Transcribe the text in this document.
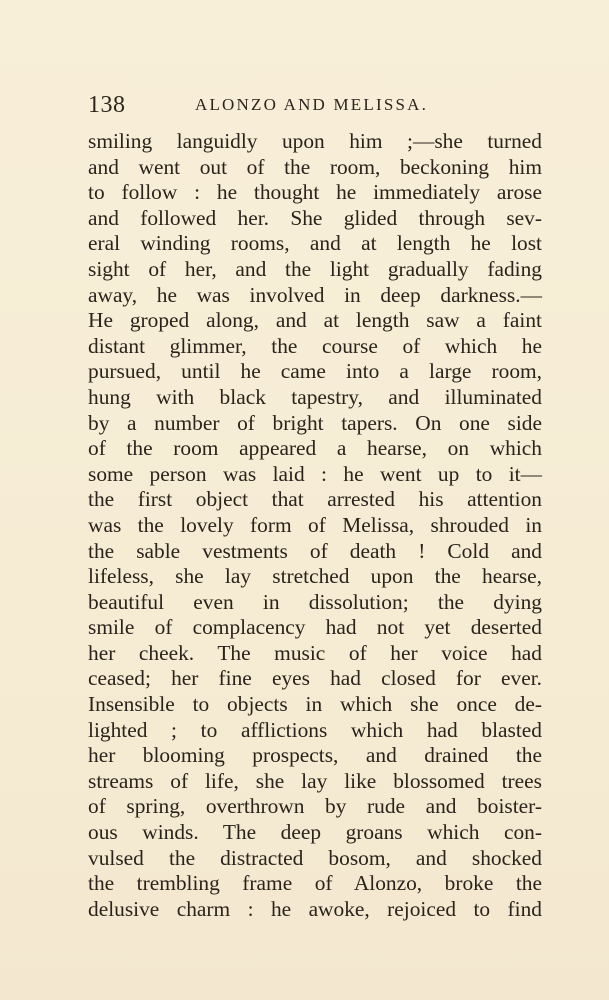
138	ALONZO AND MELISSA.
smiling languidly upon him ;—she turned
and went out of the room, beckoning him
to follow : he thought he immediately arose
and followed her. She glided through sev-
eral winding rooms, and at length he lost
sight of her, and the light gradually fading
away, he was involved in deep darkness.—
He groped along, and at length saw a faint
distant glimmer, the course of which he
pursued, until he came into a large room,
hung with black tapestry, and illuminated
by a number of bright tapers. On one side
of the room appeared a hearse, on which
some person was laid : he went up to it—
the first object that arrested his attention
was the lovely form of Melissa, shrouded in
the sable vestments of death ! Cold and
lifeless, she lay stretched upon the hearse,
beautiful even in dissolution; the dying
smile of complacency had not yet deserted
her cheek. The music of her voice had
ceased; her fine eyes had closed for ever.
Insensible to objects in which she once de-
lighted ; to afflictions which had blasted
her blooming prospects, and drained the
streams of life, she lay like blossomed trees
of spring, overthrown by rude and boister-
ous winds. The deep groans which con-
vulsed the distracted bosom, and shocked
the trembling frame of Alonzo, broke the
delusive charm : he awoke, rejoiced to find
